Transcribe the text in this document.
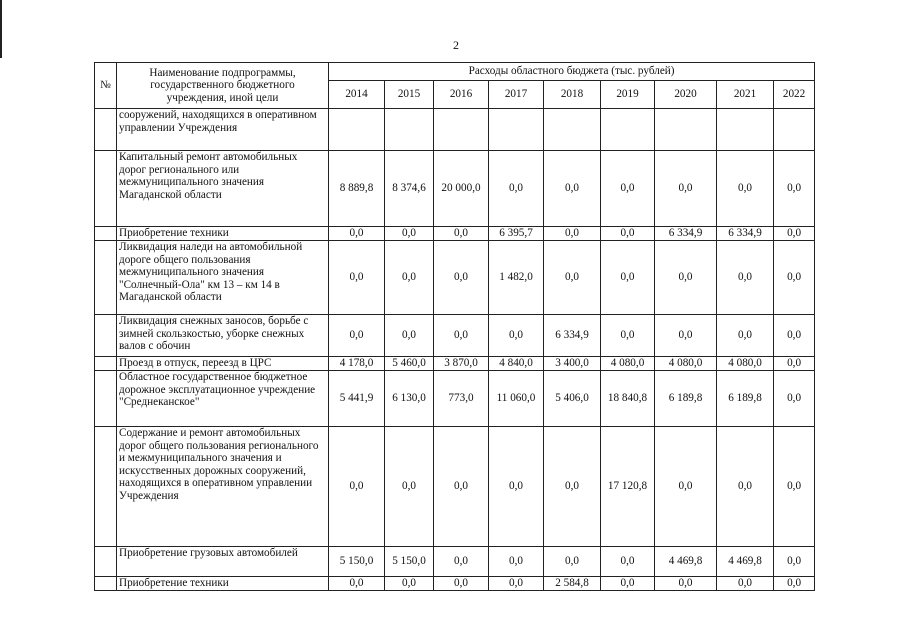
2
№	Наименование подпрограммы, государственного бюджетного учреждения, иной цели	Расходы областного бюджета (тыс. рублей)								
		2014	2015	2016	2017	2018	2019	2020	2021	2022
	сооружений, находящихся в оперативном управлении Учреждения									
	Капитальный ремонт автомобильных дорог регионального или межмуниципального значения Магаданской области	8 889,8	8 374,6	20 000,0	0,0	0,0	0,0	0,0	0,0	0,0
	Приобретение техники	0,0	0,0	0,0	6 395,7	0,0	0,0	6 334,9	6 334,9	0,0
	Ликвидация наледи на автомобильной дороге общего пользования межмуниципального значения "Солнечный-Ола" км 13 – км 14 в Магаданской области	0,0	0,0	0,0	1 482,0	0,0	0,0	0,0	0,0	0,0
	Ликвидация снежных заносов, борьбе с зимней скользкостью, уборке снежных валов с обочин	0,0	0,0	0,0	0,0	6 334,9	0,0	0,0	0,0	0,0
	Проезд в отпуск, переезд в ЦРС	4 178,0	5 460,0	3 870,0	4 840,0	3 400,0	4 080,0	4 080,0	4 080,0	0,0
	Областное государственное бюджетное дорожное эксплуатационное учреждение "Среднеканское"	5 441,9	6 130,0	773,0	11 060,0	5 406,0	18 840,8	6 189,8	6 189,8	0,0
	Содержание и ремонт автомобильных дорог общего пользования регионального и межмуниципального значения и искусственных дорожных сооружений, находящихся в оперативном управлении Учреждения	0,0	0,0	0,0	0,0	0,0	17 120,8	0,0	0,0	0,0
	Приобретение грузовых автомобилей	5 150,0	5 150,0	0,0	0,0	0,0	0,0	4 469,8	4 469,8	0,0
	Приобретение техники	0,0	0,0	0,0	0,0	2 584,8	0,0	0,0	0,0	0,0
